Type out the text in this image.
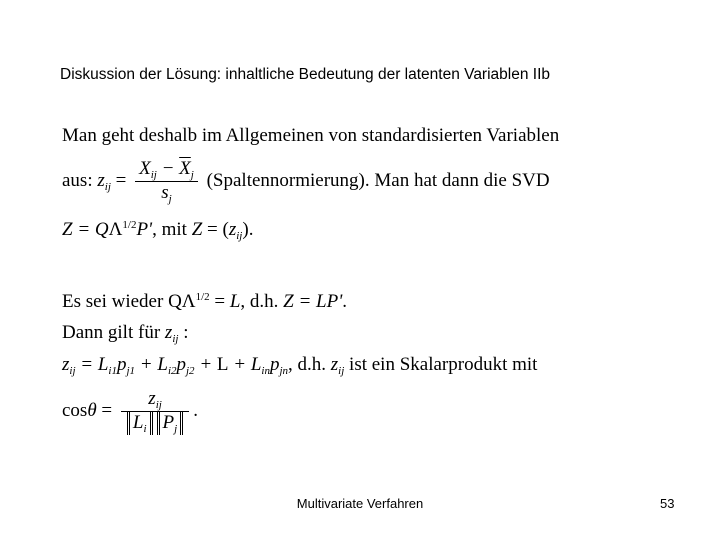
Diskussion der Lösung: inhaltliche Bedeutung der latenten Variablen IIb
Man geht deshalb im Allgemeinen von standardisierten Variablen
aus: $z_{ij} = \frac{X_{ij} - \overline{X}_j}{s_j}$ (Spaltennormierung). Man hat dann die SVD
$Z = Q\Lambda^{1/2}P'$, mit $Z = (z_{ij})$.
Es sei wieder $Q\Lambda^{1/2} = L$, d.h. Z = LP'.
Dann gilt für $z_{ij}$ :
$z_{ij} = L_{i1}p_{j1} + L_{i2}p_{j2} + L + L_{in}p_{jn}$, d.h. $z_{ij}$ ist ein Skalarprodukt mit
$\cos\theta = \frac{z_{ij}}{L_i P_j}$ .
Multivariate Verfahren	53
